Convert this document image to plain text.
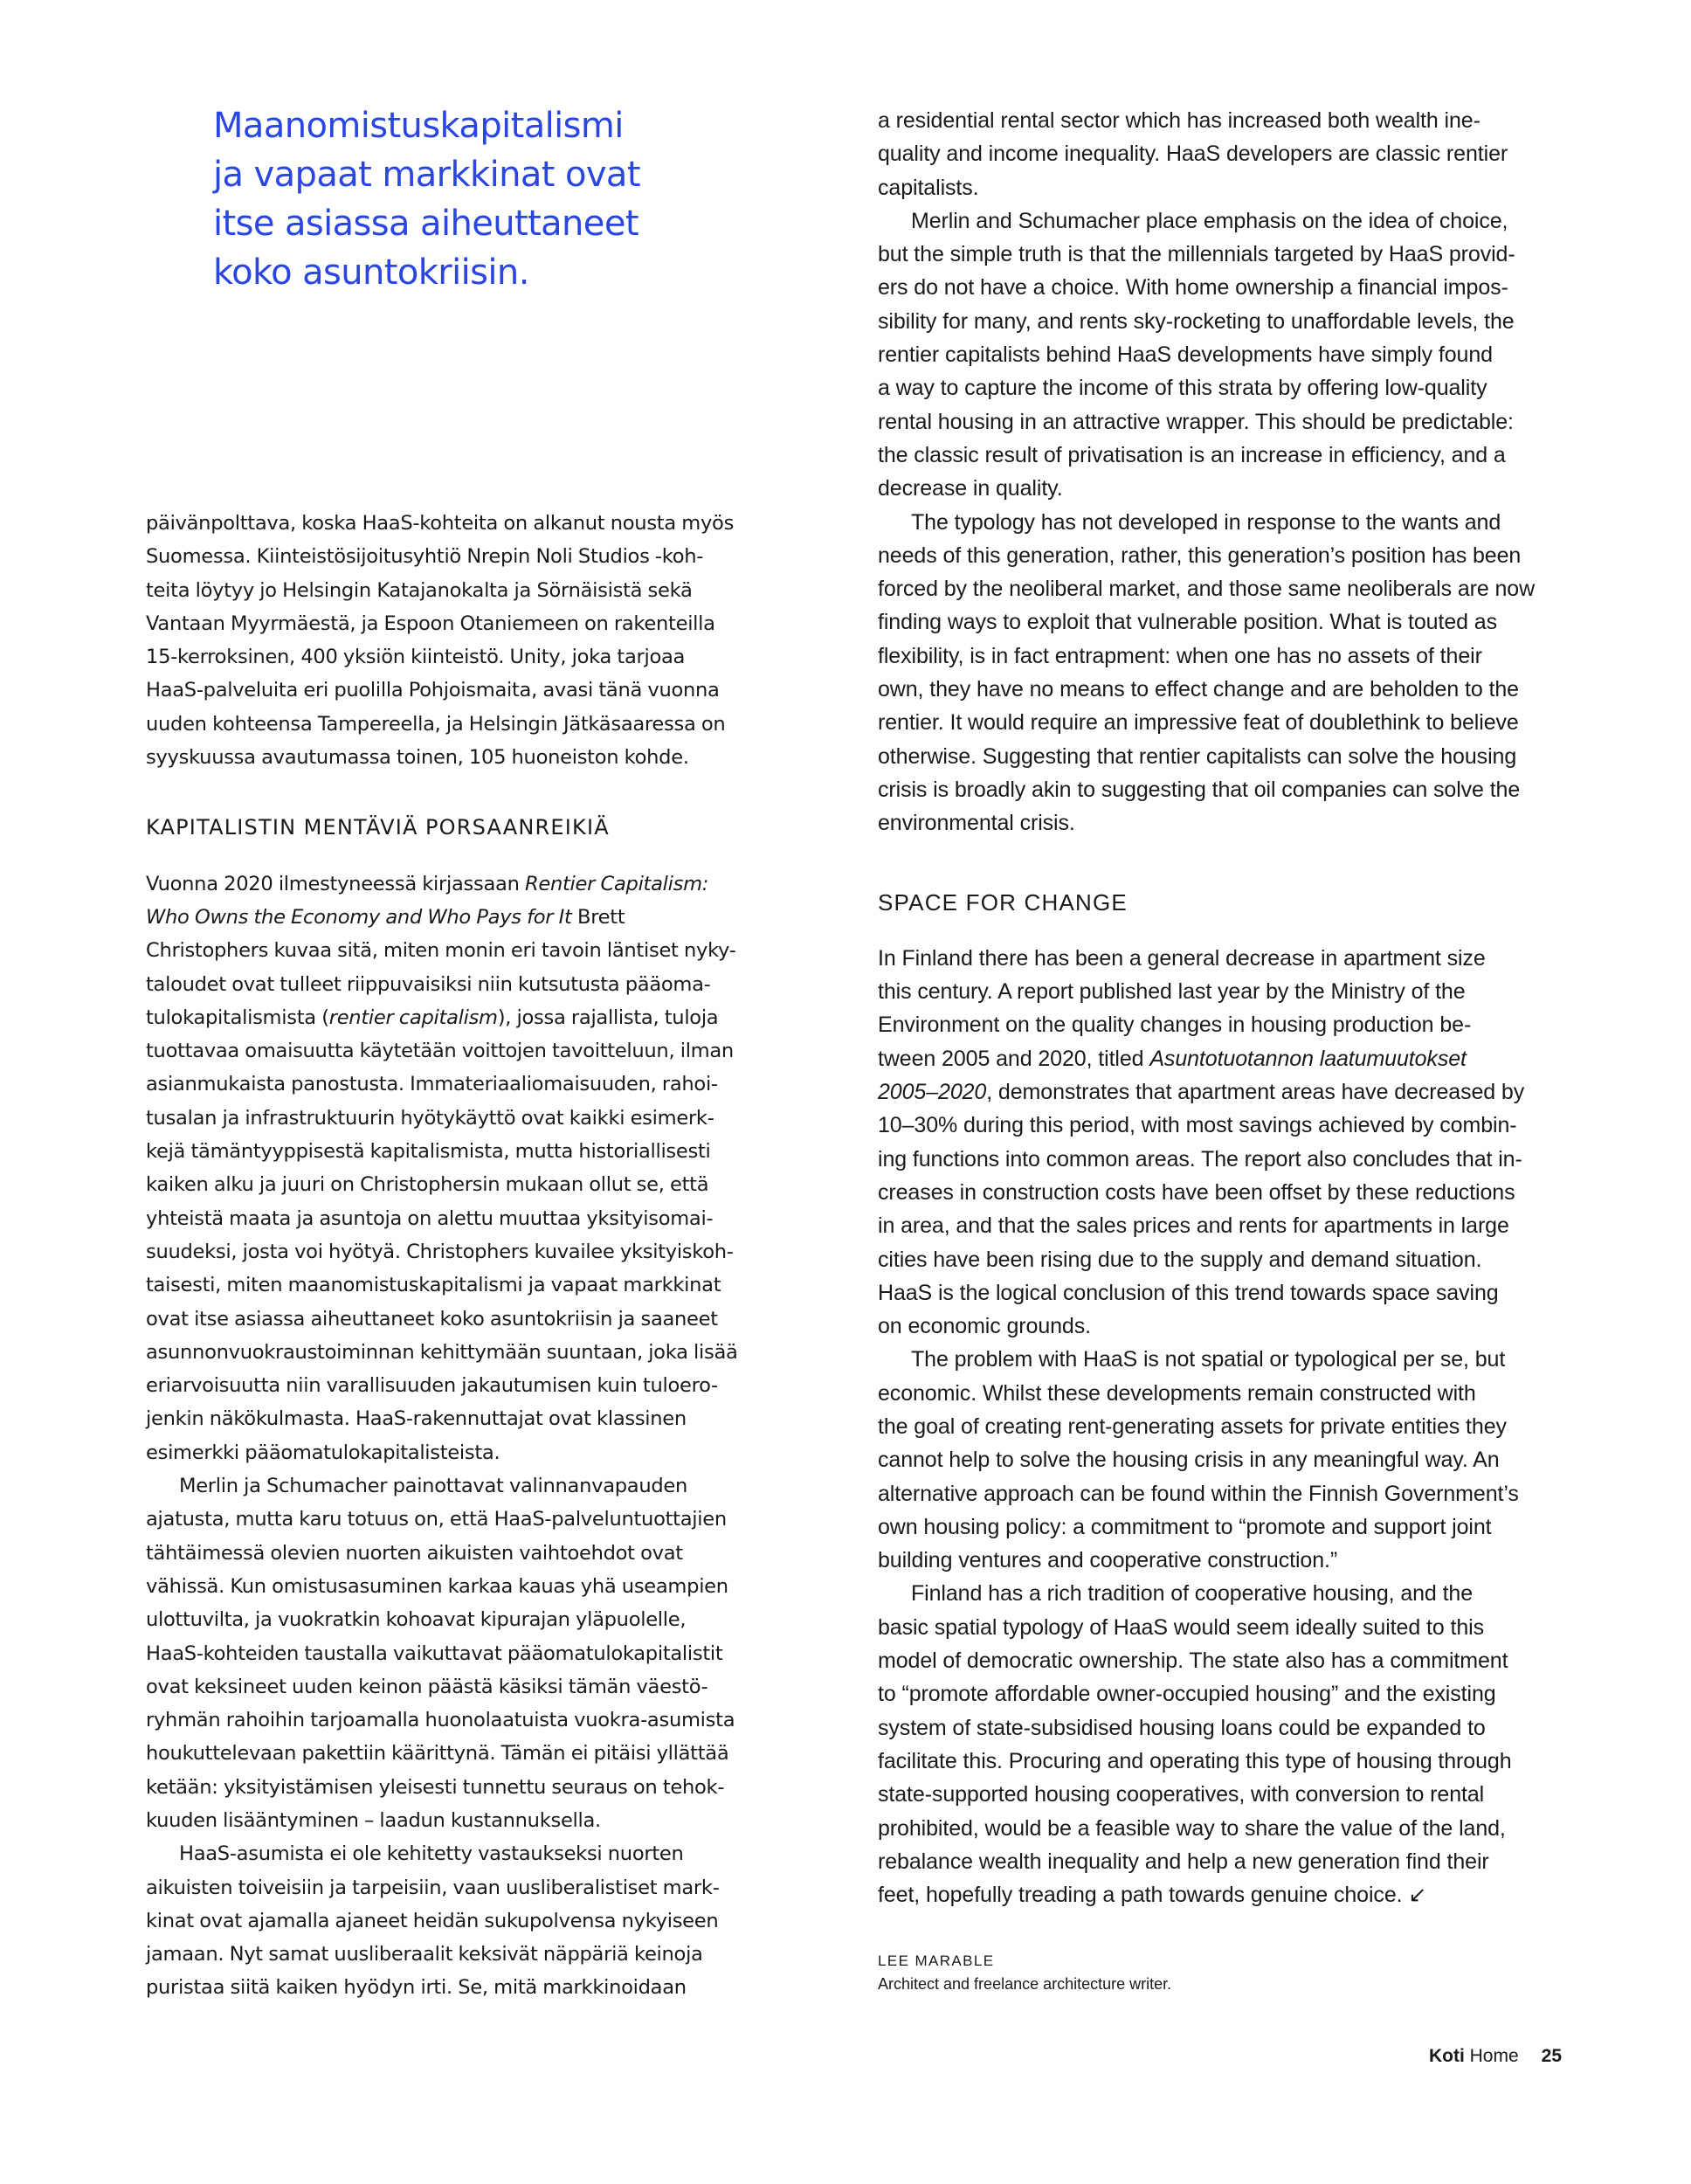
Maanomistuskapitalismi
ja vapaat markkinat ovat
itse asiassa aiheuttaneet
koko asuntokriisin.
päivänpolttava, koska HaaS-kohteita on alkanut nousta myös
Suomessa. Kiinteistösijoitusyhtiö Nrepin Noli Studios -koh-
teita löytyy jo Helsingin Katajanokalta ja Sörnäisistä sekä
Vantaan Myyrmäestä, ja Espoon Otaniemeen on rakenteilla
15-kerroksinen, 400 yksiön kiinteistö. Unity, joka tarjoaa
HaaS-palveluita eri puolilla Pohjoismaita, avasi tänä vuonna
uuden kohteensa Tampereella, ja Helsingin Jätkäsaaressa on
syyskuussa avautumassa toinen, 105 huoneiston kohde.
KAPITALISTIN MENTÄVIÄ PORSAANREIKIÄ
Vuonna 2020 ilmestyneessä kirjassaan Rentier Capitalism:
Who Owns the Economy and Who Pays for It Brett
Christophers kuvaa sitä, miten monin eri tavoin läntiset nyky-
taloudet ovat tulleet riippuvaisiksi niin kutsutusta pääoma-
tulokapitalismista (rentier capitalism), jossa rajallista, tuloja
tuottavaa omaisuutta käytetään voittojen tavoitteluun, ilman
asianmukaista panostusta. Immateriaaliomaisuuden, rahoi-
tusalan ja infrastruktuurin hyötykäyttö ovat kaikki esimerk-
kejä tämäntyyppisestä kapitalismista, mutta historiallisesti
kaiken alku ja juuri on Christophersin mukaan ollut se, että
yhteistä maata ja asuntoja on alettu muuttaa yksityisomai-
suudeksi, josta voi hyötyä. Christophers kuvailee yksityiskoh-
taisesti, miten maanomistuskapitalismi ja vapaat markkinat
ovat itse asiassa aiheuttaneet koko asuntokriisin ja saaneet
asunnonvuokraustoiminnan kehittymään suuntaan, joka lisää
eriarvoisuutta niin varallisuuden jakautumisen kuin tuloero-
jenkin näkökulmasta. HaaS-rakennuttajat ovat klassinen
esimerkki pääomatulokapitalisteista.
Merlin ja Schumacher painottavat valinnanvapauden
ajatusta, mutta karu totuus on, että HaaS-palveluntuottajien
tähtäimessä olevien nuorten aikuisten vaihtoehdot ovat
vähissä. Kun omistusasuminen karkaa kauas yhä useampien
ulottuvilta, ja vuokratkin kohoavat kipurajan yläpuolelle,
HaaS-kohteiden taustalla vaikuttavat pääomatulokapitalistit
ovat keksineet uuden keinon päästä käsiksi tämän väestö-
ryhmän rahoihin tarjoamalla huonolaatuista vuokra-asumista
houkuttelevaan pakettiin käärittynä. Tämän ei pitäisi yllättää
ketään: yksityistämisen yleisesti tunnettu seuraus on tehok-
kuuden lisääntyminen – laadun kustannuksella.
HaaS-asumista ei ole kehitetty vastaukseksi nuorten
aikuisten toiveisiin ja tarpeisiin, vaan uusliberalistiset mark-
kinat ovat ajamalla ajaneet heidän sukupolvensa nykyiseen
jamaan. Nyt samat uusliberaalit keksivät näppäriä keinoja
puristaa siitä kaiken hyödyn irti. Se, mitä markkinoidaan
a residential rental sector which has increased both wealth ine-
quality and income inequality. HaaS developers are classic rentier
capitalists.
Merlin and Schumacher place emphasis on the idea of choice,
but the simple truth is that the millennials targeted by HaaS provid-
ers do not have a choice. With home ownership a financial impos-
sibility for many, and rents sky-rocketing to unaffordable levels, the
rentier capitalists behind HaaS developments have simply found
a way to capture the income of this strata by offering low-quality
rental housing in an attractive wrapper. This should be predictable:
the classic result of privatisation is an increase in efficiency, and a
decrease in quality.
The typology has not developed in response to the wants and
needs of this generation, rather, this generation’s position has been
forced by the neoliberal market, and those same neoliberals are now
finding ways to exploit that vulnerable position. What is touted as
flexibility, is in fact entrapment: when one has no assets of their
own, they have no means to effect change and are beholden to the
rentier. It would require an impressive feat of doublethink to believe
otherwise. Suggesting that rentier capitalists can solve the housing
crisis is broadly akin to suggesting that oil companies can solve the
environmental crisis.
SPACE FOR CHANGE
In Finland there has been a general decrease in apartment size
this century. A report published last year by the Ministry of the
Environment on the quality changes in housing production be-
tween 2005 and 2020, titled Asuntotuotannon laatumuutokset
2005–2020, demonstrates that apartment areas have decreased by
10–30% during this period, with most savings achieved by combin-
ing functions into common areas. The report also concludes that in-
creases in construction costs have been offset by these reductions
in area, and that the sales prices and rents for apartments in large
cities have been rising due to the supply and demand situation.
HaaS is the logical conclusion of this trend towards space saving
on economic grounds.
The problem with HaaS is not spatial or typological per se, but
economic. Whilst these developments remain constructed with
the goal of creating rent-generating assets for private entities they
cannot help to solve the housing crisis in any meaningful way. An
alternative approach can be found within the Finnish Government’s
own housing policy: a commitment to “promote and support joint
building ventures and cooperative construction.”
Finland has a rich tradition of cooperative housing, and the
basic spatial typology of HaaS would seem ideally suited to this
model of democratic ownership. The state also has a commitment
to “promote affordable owner-occupied housing” and the existing
system of state-subsidised housing loans could be expanded to
facilitate this. Procuring and operating this type of housing through
state-supported housing cooperatives, with conversion to rental
prohibited, would be a feasible way to share the value of the land,
rebalance wealth inequality and help a new generation find their
feet, hopefully treading a path towards genuine choice. ↙
LEE MARABLE
Architect and freelance architecture writer.
Koti Home 25
